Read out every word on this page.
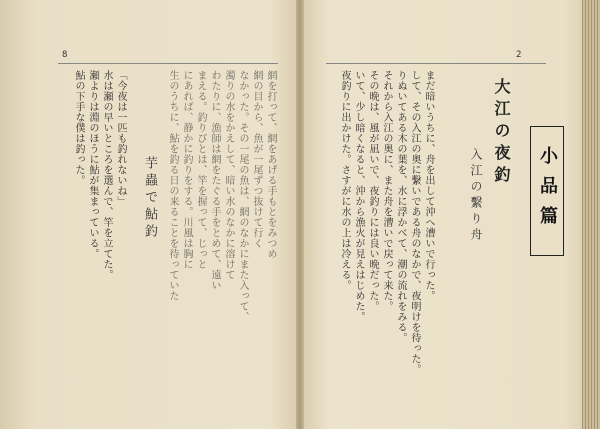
8
網を打って、網をあげる手もとをみつめ
網の目から、魚が一尾ずつ抜けて行く
なかった。その一尾の魚は、網のなかにまた入って、
濁りの水をかえして、暗い水のなかに溶けて
わたりに、漁師は網をたぐる手をとめて、遠い
まえる。釣りびとは、竿を握って、じっと
にあれば、静かに釣りをする。川風は胸に
生のうちに、鮎を釣る日の来ることを待っていた
芋蟲で鮎釣
「今夜は一匹も釣れないね」
水は瀬の早いところを選んで、竿を立てた。
瀬よりは淵のほうに鮎が集まっている。
鮎の下手な僕は釣った。
2
小品篇
大江の夜釣
入江の繫り舟
まだ暗いうちに、舟を出して沖へ漕いで行った。
して、その入江の奥に繫いである舟のなかで、夜明けを待った。
りぬいてある木の葉を、水に浮かべて、潮の流れをみる。
それから入江の奥に、また舟を漕いで戻って来た。
その晩は、風が凪いで、夜釣りには良い晩だった。
いて、少し暗くなると、沖から漁火が見えはじめた。
夜釣りに出かけた。さすがに水の上は冷える。
